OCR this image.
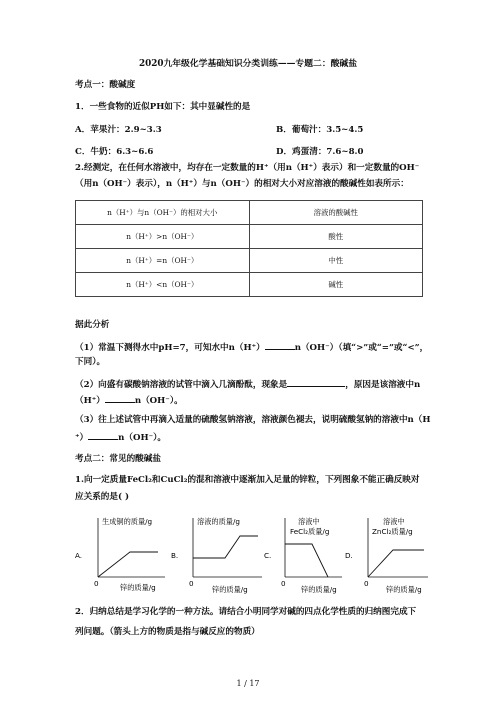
2020九年级化学基础知识分类训练——专题二：酸碱盐
考点一：酸碱度
1．一些食物的近似PH如下：其中显碱性的是
A．苹果汁：2.9~3.3	B．葡萄汁：3.5~4.5
C．牛奶：6.3~6.6	D．鸡蛋清：7.6~8.0
2.经测定，在任何水溶液中，均存在一定数量的H⁺（用n（H⁺）表示）和一定数量的OH⁻
（用n（OH⁻）表示），n（H⁺）与n（OH⁻）的相对大小对应溶液的酸碱性如表所示：
n（H⁺）与n（OH⁻）的相对大小	溶液的酸碱性
n（H⁺）>n（OH⁻）	酸性
n（H⁺）=n（OH⁻）	中性
n（H⁺）<n（OH⁻）	碱性
据此分析
（1）常温下测得水中pH=7，可知水中n（H⁺）	n（OH⁻）（填“>”或“=”或“<”，
下同）。
（2）向盛有碳酸钠溶液的试管中滴入几滴酚酞，现象是	，原因是该溶液中n
（H⁺）	n（OH⁻）。
（3）往上述试管中再滴入适量的硫酸氢钠溶液，溶液颜色褪去，说明硫酸氢钠的溶液中n（H
⁺）	n（OH⁻）。
考点二：常见的酸碱盐
1.向一定质量FeCl₂和CuCl₂的混和溶液中逐渐加入足量的锌粒，下列图象不能正确反映对
应关系的是( )
A.
生成铜的质量/g
0	锌的质量/g
B.
溶液的质量/g
0
锌的质量/g
C.
溶液中
FeCl₂质量/g
0
锌的质量/g
D.
溶液中
ZnCl₂质量/g
0
锌的质量/g
2．归纳总结是学习化学的一种方法。请结合小明同学对碱的四点化学性质的归纳图完成下
列问题。（箭头上方的物质是指与碱反应的物质）
1 / 17
